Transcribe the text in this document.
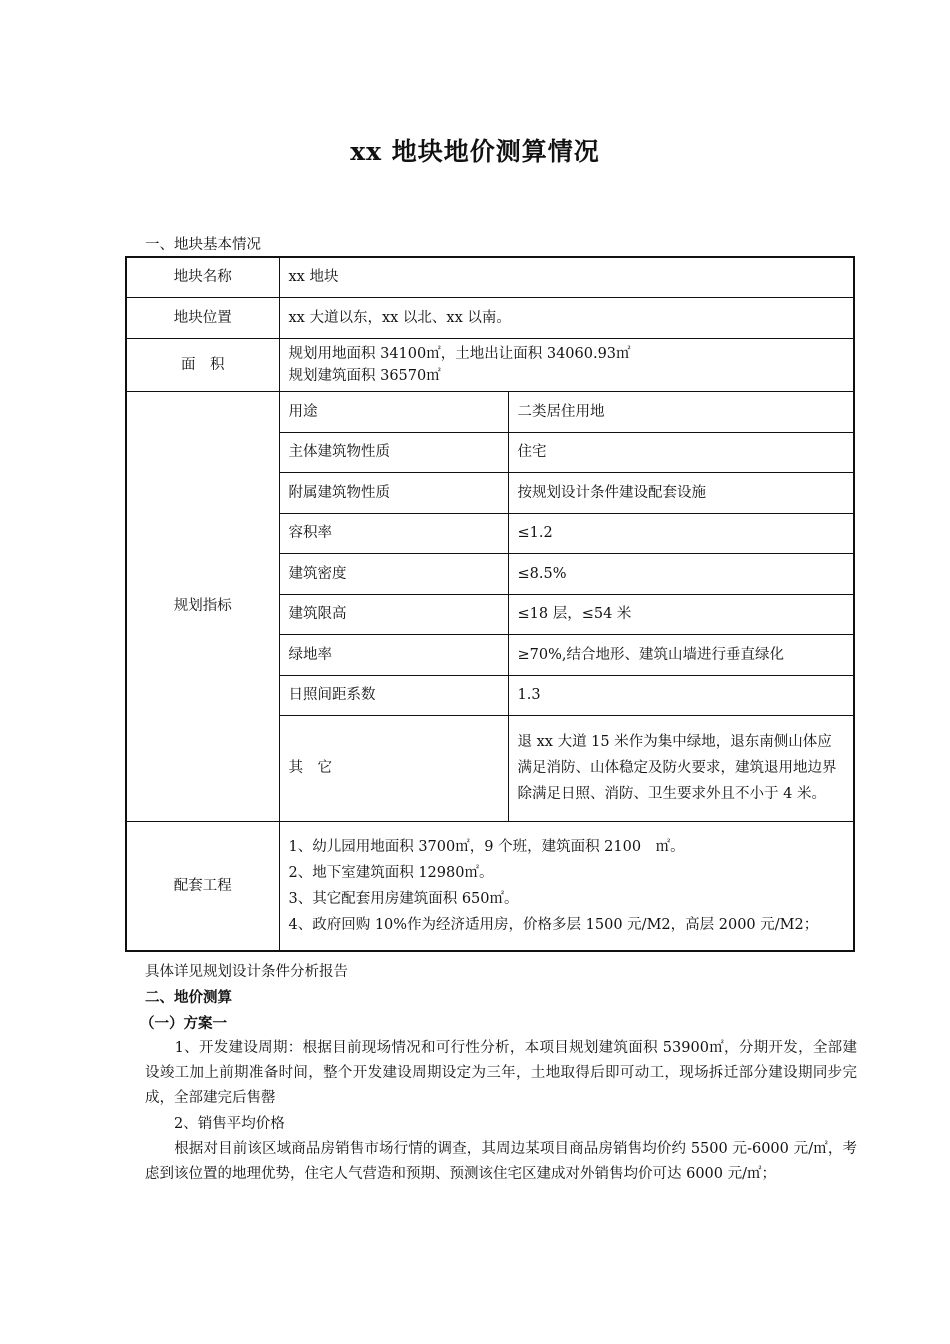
xx 地块地价测算情况
一、地块基本情况
地块名称	xx 地块	
地块位置	xx 大道以东，xx 以北、xx 以南。	
面　积	规划用地面积 34100㎡，土地出让面积 34060.93㎡
规划建筑面积 36570㎡	

规划指标	用途	二类居住用地
	主体建筑物性质	住宅
	附属建筑物性质	按规划设计条件建设配套设施
	容积率	≤1.2
	建筑密度	≤8.5%
	建筑限高	≤18 层，≤54 米
	绿地率	≥70%,结合地形、建筑山墙进行垂直绿化
	日照间距系数	1.3
	其　它	退 xx 大道 15 米作为集中绿地，退东南侧山体应满足消防、山体稳定及防火要求，建筑退用地边界除满足日照、消防、卫生要求外且不小于 4 米。
配套工程	1、幼儿园用地面积 3700㎡，9 个班，建筑面积 2100　㎡。
2、地下室建筑面积 12980㎡。
3、其它配套用房建筑面积 650㎡。
4、政府回购 10%作为经济适用房，价格多层 1500 元/M2，高层 2000 元/M2；	
具体详见规划设计条件分析报告
二、地价测算
（一）方案一
　　1、开发建设周期：根据目前现场情况和可行性分析，本项目规划建筑面积 53900㎡，分期开发，全部建设竣工加上前期准备时间，整个开发建设周期设定为三年，土地取得后即可动工，现场拆迁部分建设期同步完成，全部建完后售罄
　　2、销售平均价格
　　根据对目前该区域商品房销售市场行情的调查，其周边某项目商品房销售均价约 5500 元-6000 元/㎡，考虑到该位置的地理优势，住宅人气营造和预期、预测该住宅区建成对外销售均价可达 6000 元/㎡；
